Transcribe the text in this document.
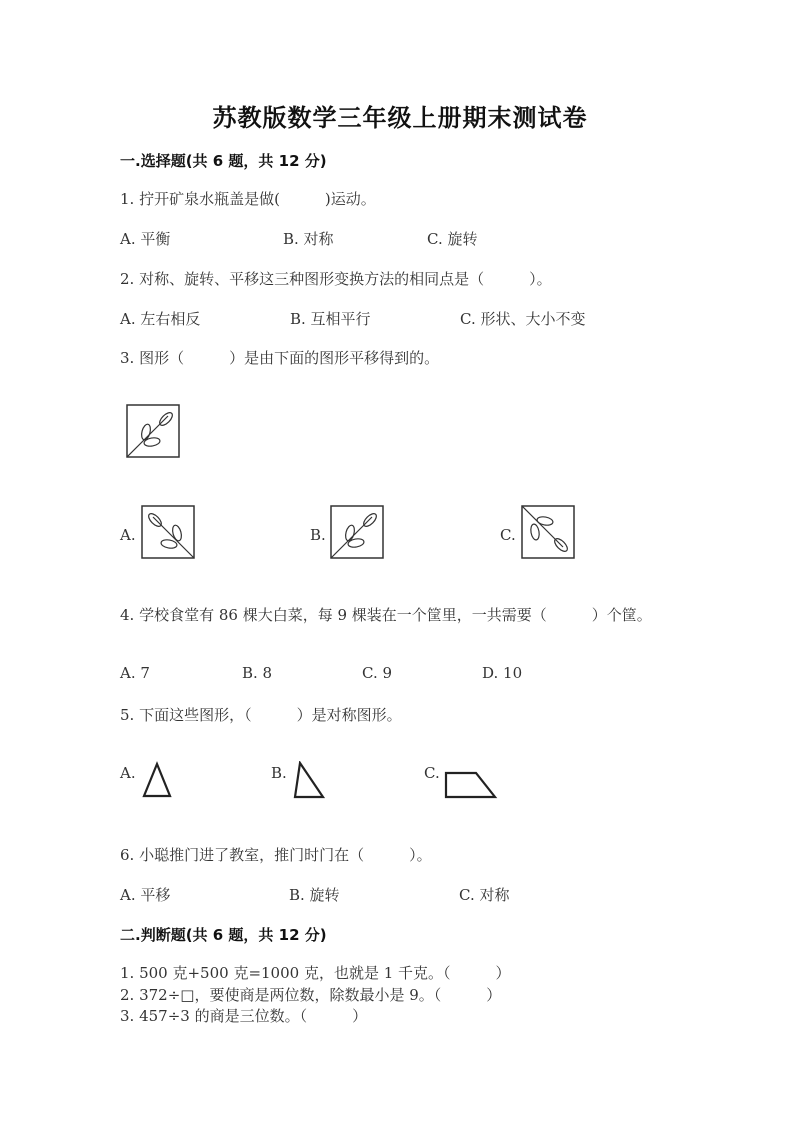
苏教版数学三年级上册期末测试卷
一.选择题(共 6 题，共 12 分)
1. 拧开矿泉水瓶盖是做(　　　)运动。
A. 平衡	B. 对称	C. 旋转
2. 对称、旋转、平移这三种图形变换方法的相同点是（　　　）。
A. 左右相反	B. 互相平行	C. 形状、大小不变
3. 图形（　　　）是由下面的图形平移得到的。
A.	B.	C.
4. 学校食堂有 86 棵大白菜，每 9 棵装在一个筐里，一共需要（　　　）个筐。
A. 7	B. 8	C. 9	D. 10
5. 下面这些图形，（　　　）是对称图形。
A.	B.	C.
6. 小聪推门进了教室，推门时门在（　　　）。
A. 平移	B. 旋转	C. 对称
二.判断题(共 6 题，共 12 分)
1. 500 克+500 克=1000 克，也就是 1 千克。（　　　）
2. 372÷□，要使商是两位数，除数最小是 9。（　　　）
3. 457÷3 的商是三位数。（　　　）
